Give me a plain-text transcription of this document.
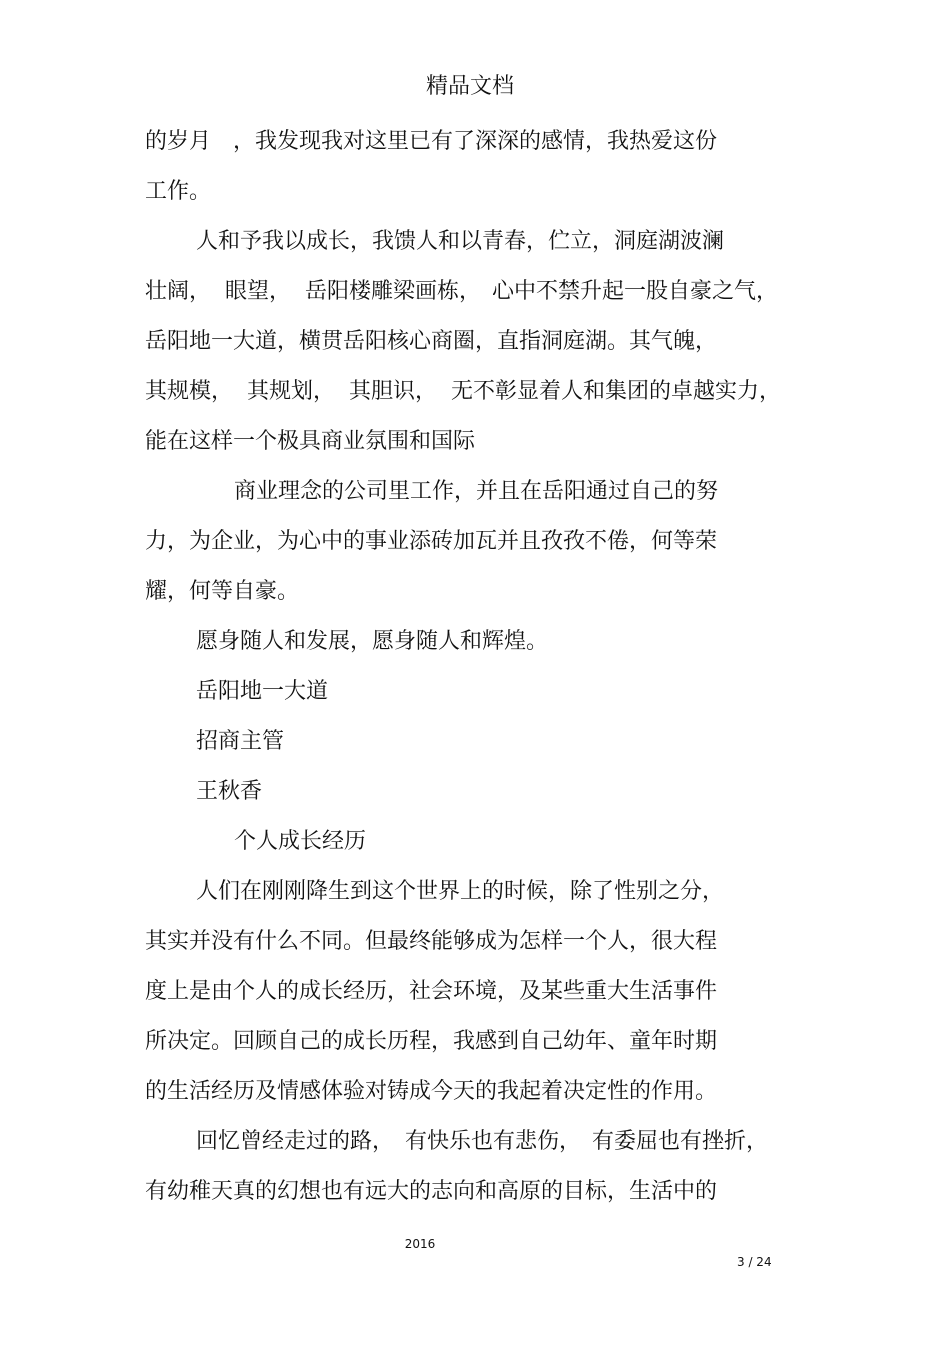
精品文档
的岁月　，我发现我对这里已有了深深的感情，我热爱这份
工作。
人和予我以成长，我馈人和以青春，伫立，洞庭湖波澜
壮阔，  眼望，  岳阳楼雕梁画栋，　心中不禁升起一股自豪之气，
岳阳地一大道，横贯岳阳核心商圈，直指洞庭湖。其气魄，
其规模，  其规划，  其胆识，  无不彰显着人和集团的卓越实力，
能在这样一个极具商业氛围和国际
商业理念的公司里工作，并且在岳阳通过自己的努
力，为企业，为心中的事业添砖加瓦并且孜孜不倦，何等荣
耀，何等自豪。
愿身随人和发展，愿身随人和辉煌。
岳阳地一大道
招商主管
王秋香
个人成长经历
人们在刚刚降生到这个世界上的时候，除了性别之分，
其实并没有什么不同。但最终能够成为怎样一个人，很大程
度上是由个人的成长经历，社会环境，及某些重大生活事件
所决定。回顾自己的成长历程，我感到自己幼年、童年时期
的生活经历及情感体验对铸成今天的我起着决定性的作用。
回忆曾经走过的路，　有快乐也有悲伤，　有委屈也有挫折，
有幼稚天真的幻想也有远大的志向和高原的目标，生活中的
2016
3 / 24
